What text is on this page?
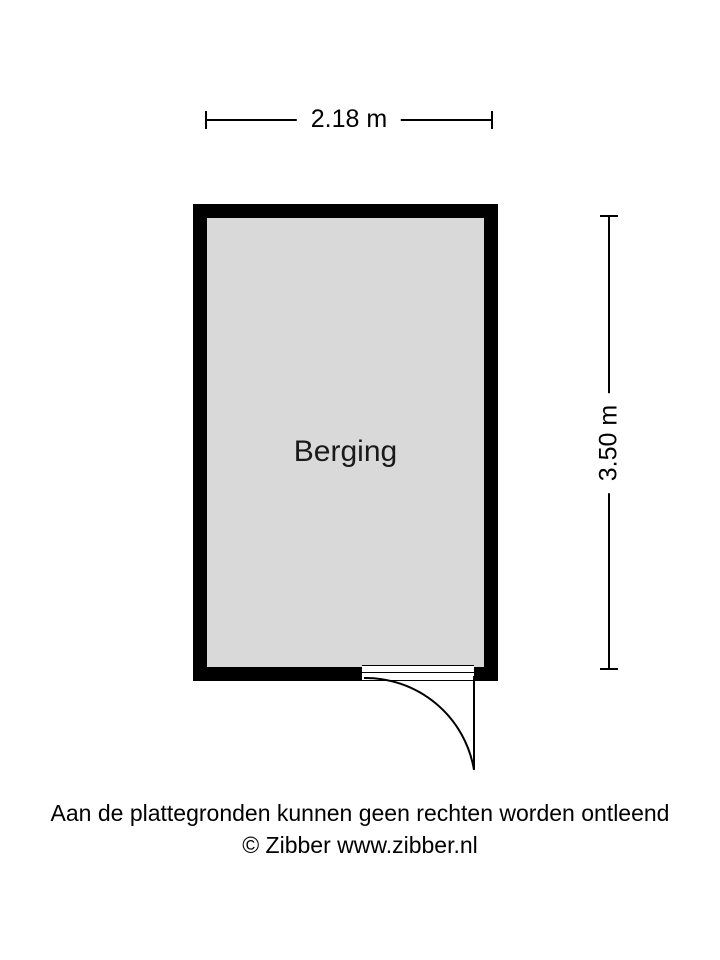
2.18 m
3.50 m
Berging
Aan de plattegronden kunnen geen rechten worden ontleend
© Zibber www.zibber.nl
